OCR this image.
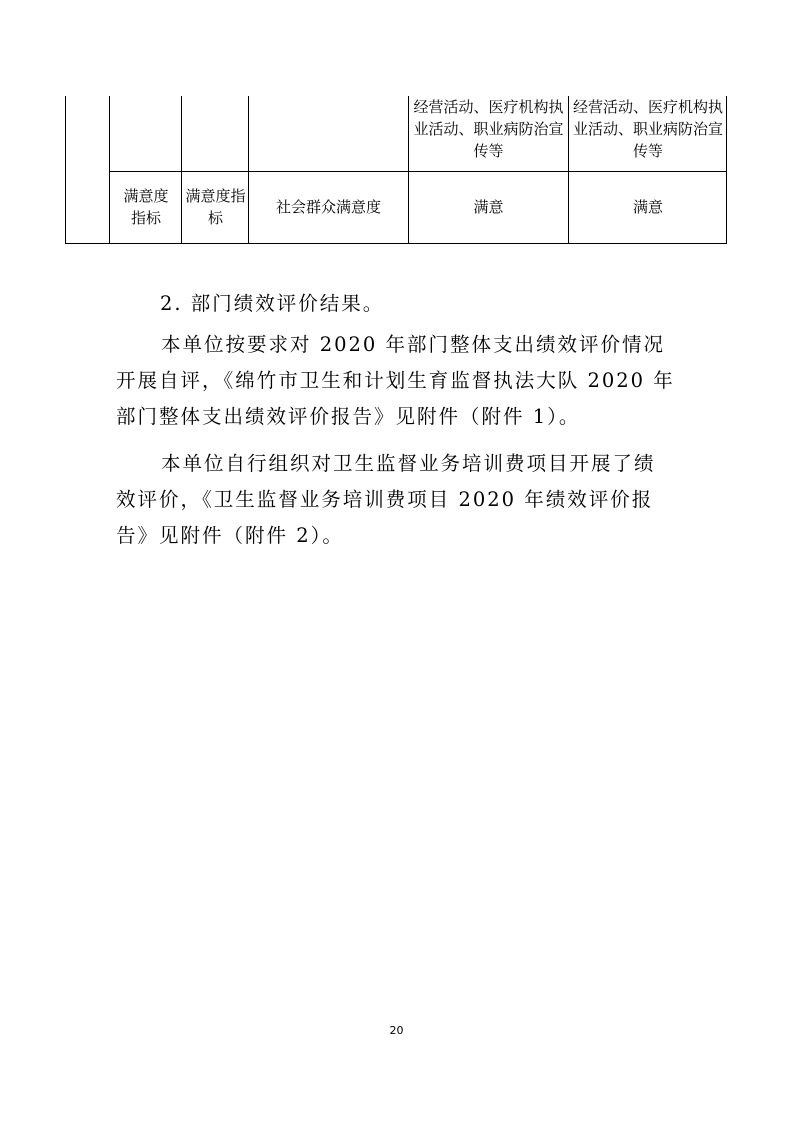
经营活动、医疗机构执业活动、职业病防治宣传等
经营活动、医疗机构执业活动、职业病防治宣传等
满意度指标
满意度指标
社会群众满意度	满意	满意
2. 部门绩效评价结果。
本单位按要求对 2020 年部门整体支出绩效评价情况开展自评，《绵竹市卫生和计划生育监督执法大队 2020 年部门整体支出绩效评价报告》见附件（附件 1）。
本单位自行组织对卫生监督业务培训费项目开展了绩效评价，《卫生监督业务培训费项目 2020 年绩效评价报告》见附件（附件 2）。
20
